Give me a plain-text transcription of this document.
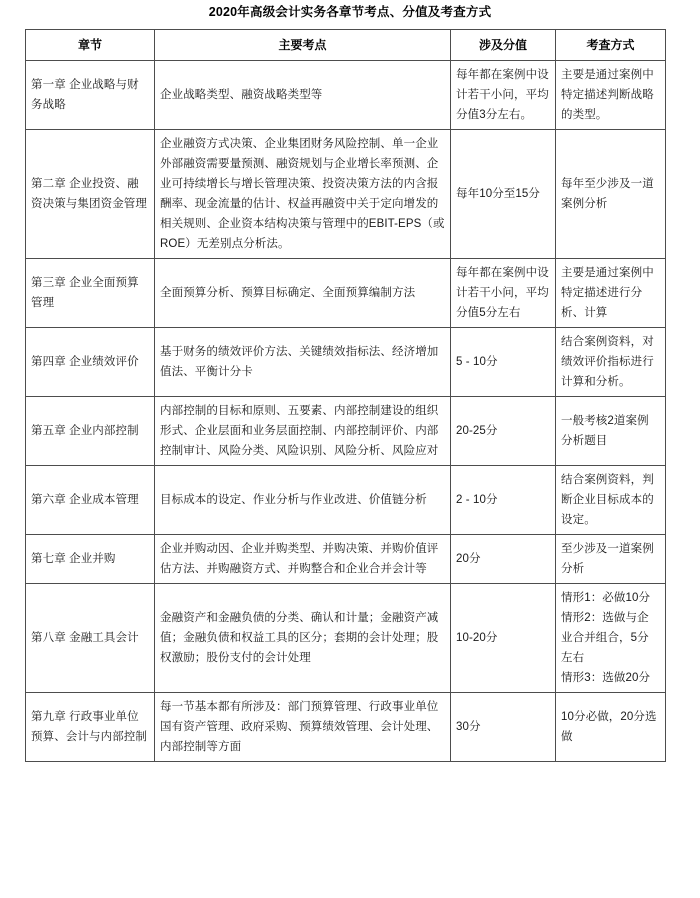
2020年高级会计实务各章节考点、分值及考查方式
章节	主要考点	涉及分值	考查方式
第一章 企业战略与财务战略	企业战略类型、融资战略类型等	每年都在案例中设计若干小问，平均分值3分左右。	主要是通过案例中特定描述判断战略的类型。
第二章 企业投资、融资决策与集团资金管理	企业融资方式决策、企业集团财务风险控制、单一企业外部融资需要量预测、融资规划与企业增长率预测、企业可持续增长与增长管理决策、投资决策方法的内含报酬率、现金流量的估计、权益再融资中关于定向增发的相关规则、企业资本结构决策与管理中的EBIT-EPS（或ROE）无差别点分析法。	每年10分至15分	每年至少涉及一道案例分析
第三章 企业全面预算管理	全面预算分析、预算目标确定、全面预算编制方法	每年都在案例中设计若干小问，平均分值5分左右	主要是通过案例中特定描述进行分析、计算
第四章 企业绩效评价	基于财务的绩效评价方法、关键绩效指标法、经济增加值法、平衡计分卡	5 - 10分	结合案例资料，对绩效评价指标进行计算和分析。
第五章 企业内部控制	内部控制的目标和原则、五要素、内部控制建设的组织形式、企业层面和业务层面控制、内部控制评价、内部控制审计、风险分类、风险识别、风险分析、风险应对	20-25分	一般考核2道案例分析题目
第六章 企业成本管理	目标成本的设定、作业分析与作业改进、价值链分析	2 - 10分	结合案例资料，判断企业目标成本的设定。
第七章 企业并购	企业并购动因、企业并购类型、并购决策、并购价值评估方法、并购融资方式、并购整合和企业合并会计等	20分	至少涉及一道案例分析
第八章 金融工具会计	金融资产和金融负债的分类、确认和计量；金融资产减值；金融负债和权益工具的区分；套期的会计处理；股权激励；股份支付的会计处理	10-20分	情形1：必做10分
情形2：选做与企业合并组合，5分左右
情形3：选做20分

第九章 行政事业单位预算、会计与内部控制	每一节基本都有所涉及：部门预算管理、行政事业单位国有资产管理、政府采购、预算绩效管理、会计处理、内部控制等方面	30分	10分必做，20分选做
